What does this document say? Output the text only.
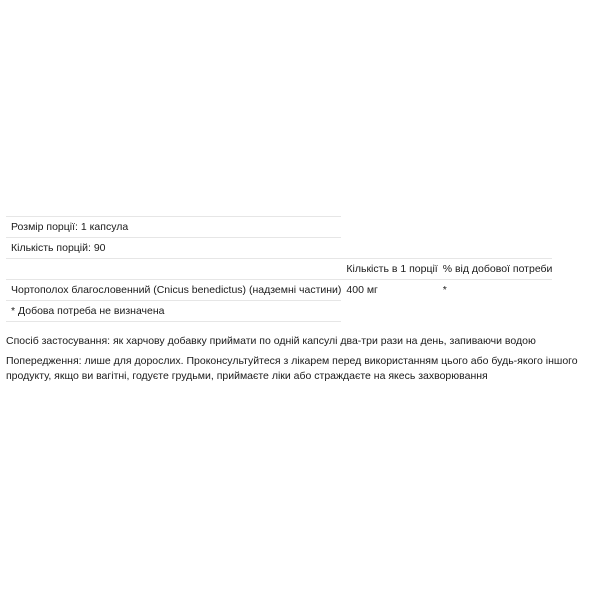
Розмір порції: 1 капсула		
Кількість порцій: 90		
	Кількість в 1 порції	% від добової потреби
Чортополох благословенний (Cnicus benedictus) (надземні частини)	400 мг	*
* Добова потреба не визначена		

Спосіб застосування: як харчову добавку приймати по одній капсулі два-три рази на день, запиваючи водою

Попередження: лише для дорослих. Проконсультуйтеся з лікарем перед використанням цього або будь-якого іншого продукту, якщо ви вагітні, годуєте грудьми, приймаєте ліки або страждаєте на якесь захворювання
